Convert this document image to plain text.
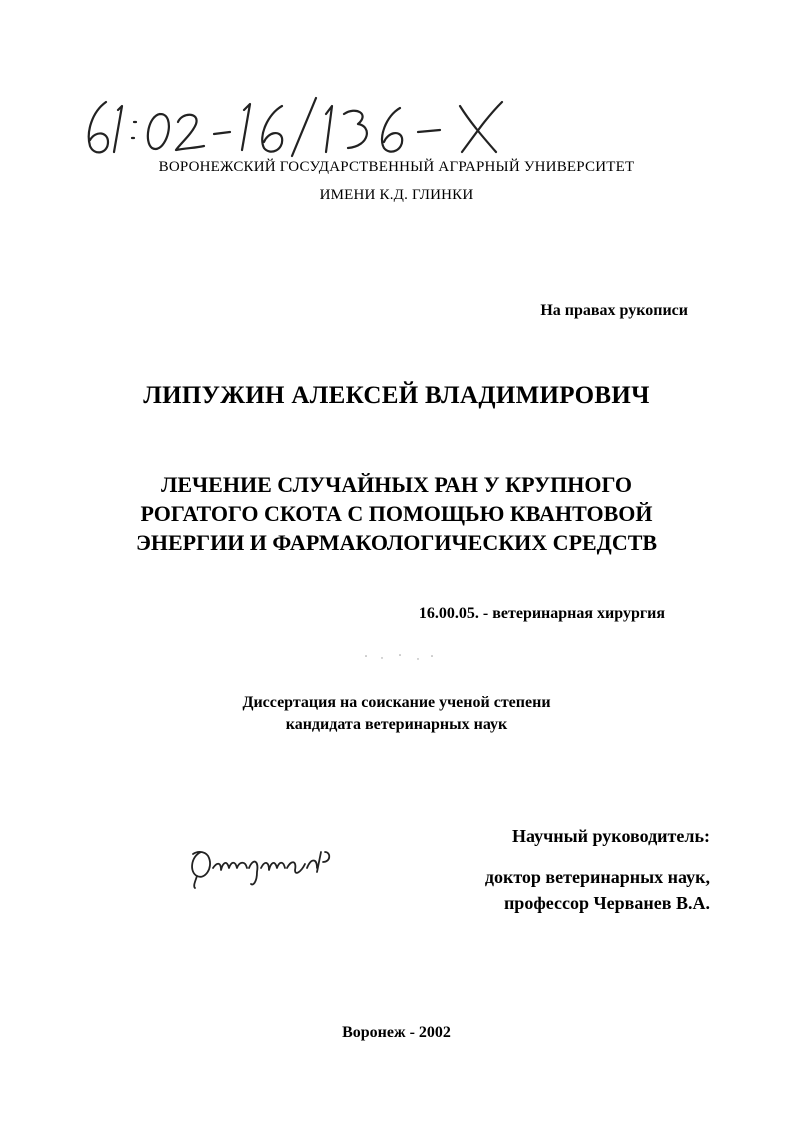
ВОРОНЕЖСКИЙ ГОСУДАРСТВЕННЫЙ АГРАРНЫЙ УНИВЕРСИТЕТ
ИМЕНИ К.Д. ГЛИНКИ
На правах рукописи
ЛИПУЖИН АЛЕКСЕЙ ВЛАДИМИРОВИЧ
ЛЕЧЕНИЕ СЛУЧАЙНЫХ РАН У КРУПНОГО
РОГАТОГО СКОТА С ПОМОЩЬЮ КВАНТОВОЙ
ЭНЕРГИИ И ФАРМАКОЛОГИЧЕСКИХ СРЕДСТВ
16.00.05. - ветеринарная хирургия
Диссертация на соискание ученой степени
кандидата ветеринарных наук
Научный руководитель:
доктор ветеринарных наук,
профессор Черванев В.А.
Воронеж - 2002
